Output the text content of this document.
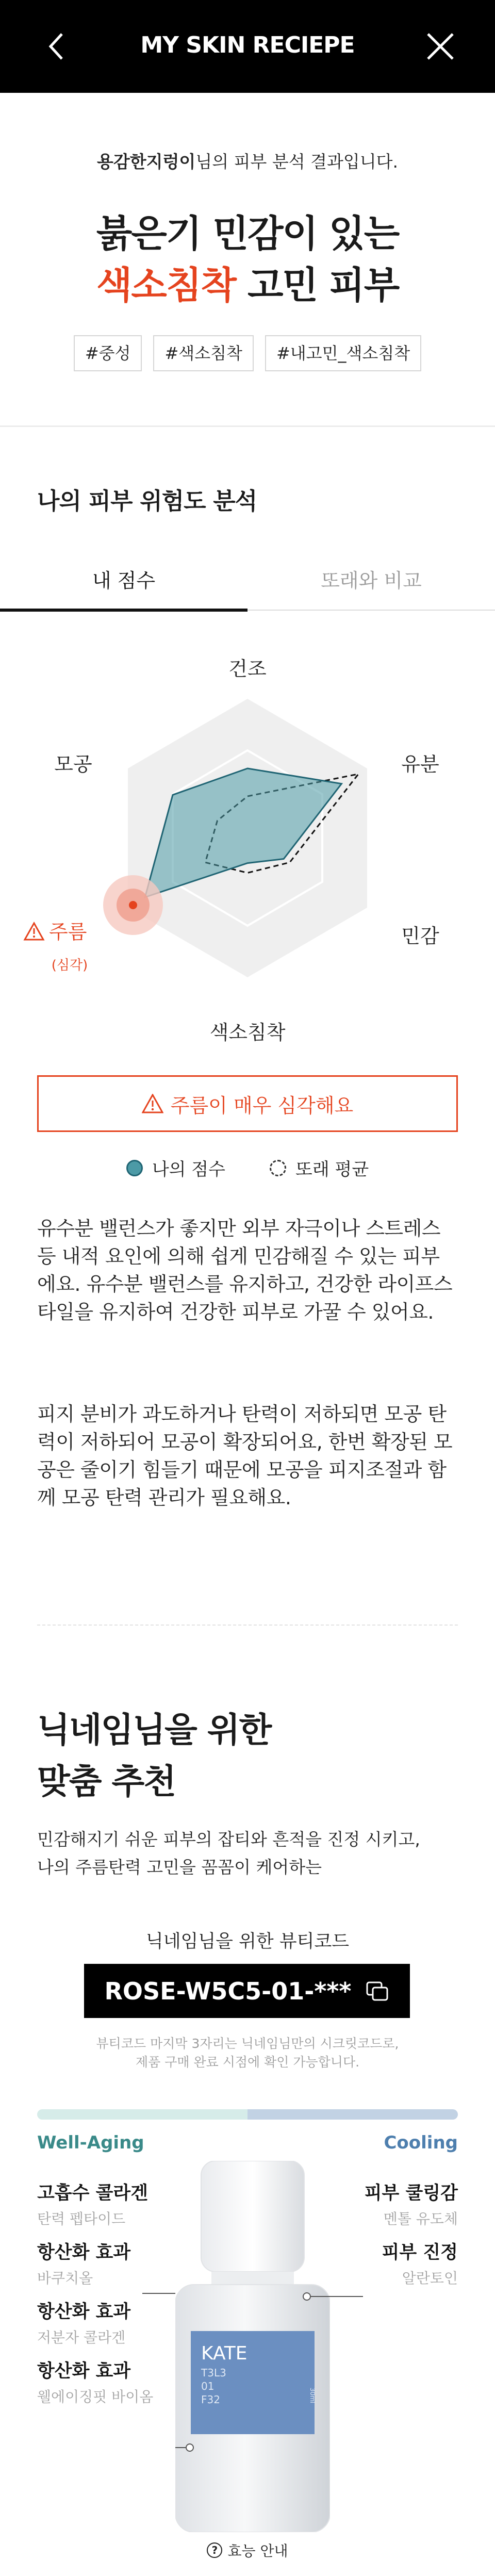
MY SKIN RECIEPE
용감한지렁이님의 피부 분석 결과입니다.
붉은기 민감이 있는
색소침착 고민 피부
#중성	#색소침착	#내고민_색소침착
나의 피부 위험도 분석
내 점수	또래와 비교
건조
유분
민감
색소침착
주름
(심각)
모공
주름이 매우 심각해요
나의 점수	또래 평균
유수분 밸런스가 좋지만 외부 자극이나 스트레스 등 내적 요인에 의해 쉽게 민감해질 수 있는 피부에요. 유수분 밸런스를 유지하고, 건강한 라이프스타일을 유지하여 건강한 피부로 가꿀 수 있어요.
피지 분비가 과도하거나 탄력이 저하되면 모공 탄력이 저하되어 모공이 확장되어요, 한번 확장된 모공은 줄이기 힘들기 때문에 모공을 피지조절과 함께 모공 탄력 관리가 필요해요.
닉네임님을 위한
맞춤 추천
민감해지기 쉬운 피부의 잡티와 흔적을 진정 시키고,
나의 주름탄력 고민을 꼼꼼이 케어하는
닉네임님을 위한 뷰티코드
ROSE-W5C5-01-***
뷰티코드 마지막 3자리는 닉네임님만의 시크릿코드로,
제품 구매 완료 시점에 확인 가능합니다.
Well-Aging	Cooling
고흡수 콜라겐
탄력 펩타이드
항산화 효과
바쿠치올
항산화 효과
저분자 콜라겐
항산화 효과
웰에이징핏 바이옴
피부 쿨링감
멘톨 유도체
피부 진정
알란토인
KATE
T3L3
01
F32	30ml
? 효능 안내
